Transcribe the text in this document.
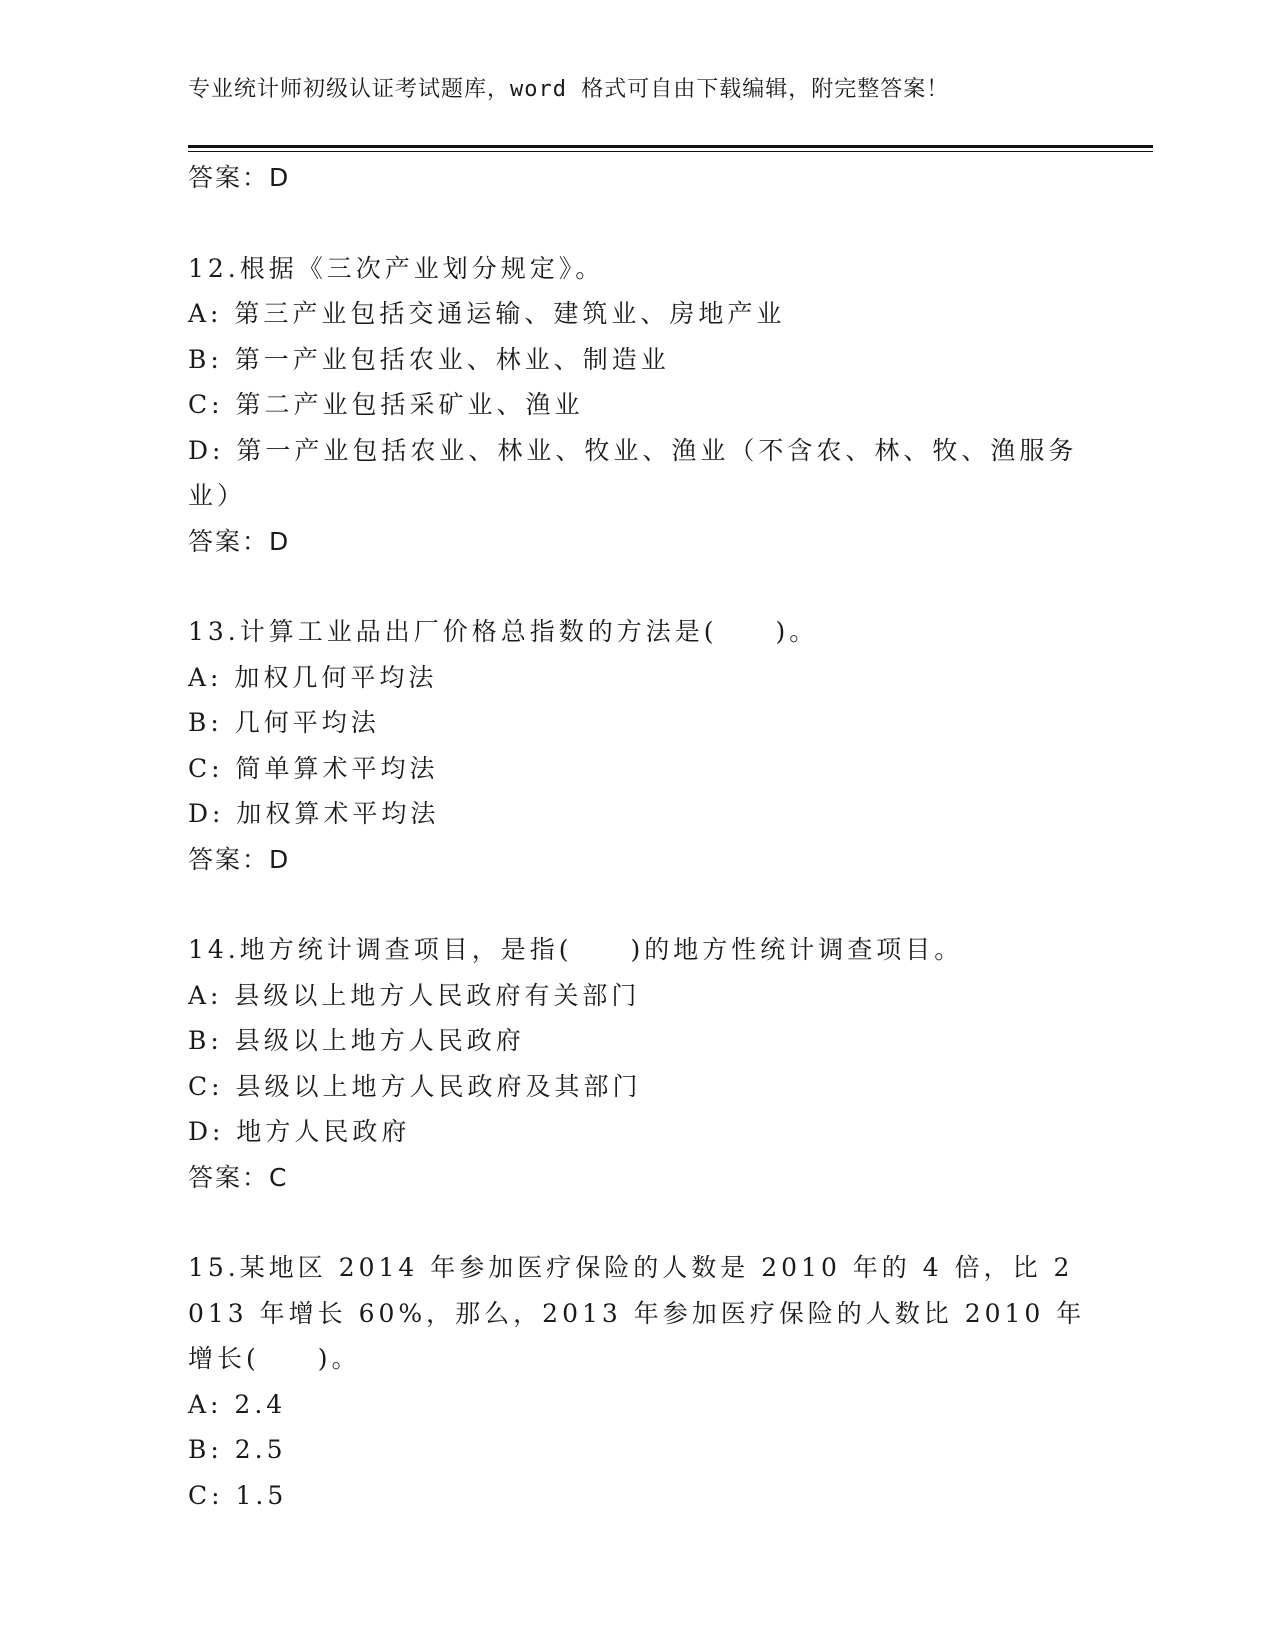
专业统计师初级认证考试题库，word 格式可自由下载编辑，附完整答案！
答案：D
12.根据《三次产业划分规定》。
A: 第三产业包括交通运输、建筑业、房地产业
B: 第一产业包括农业、林业、制造业
C: 第二产业包括采矿业、渔业
D: 第一产业包括农业、林业、牧业、渔业（不含农、林、牧、渔服务业）
答案：D
13.计算工业品出厂价格总指数的方法是(　　)。
A: 加权几何平均法
B: 几何平均法
C: 简单算术平均法
D: 加权算术平均法
答案：D
14.地方统计调查项目，是指(　　)的地方性统计调查项目。
A: 县级以上地方人民政府有关部门
B: 县级以上地方人民政府
C: 县级以上地方人民政府及其部门
D: 地方人民政府
答案：C
15.某地区 2014 年参加医疗保险的人数是 2010 年的 4 倍，比 2013 年增长 60%，那么，2013 年参加医疗保险的人数比 2010 年增长(　　)。
A: 2.4
B: 2.5
C: 1.5
